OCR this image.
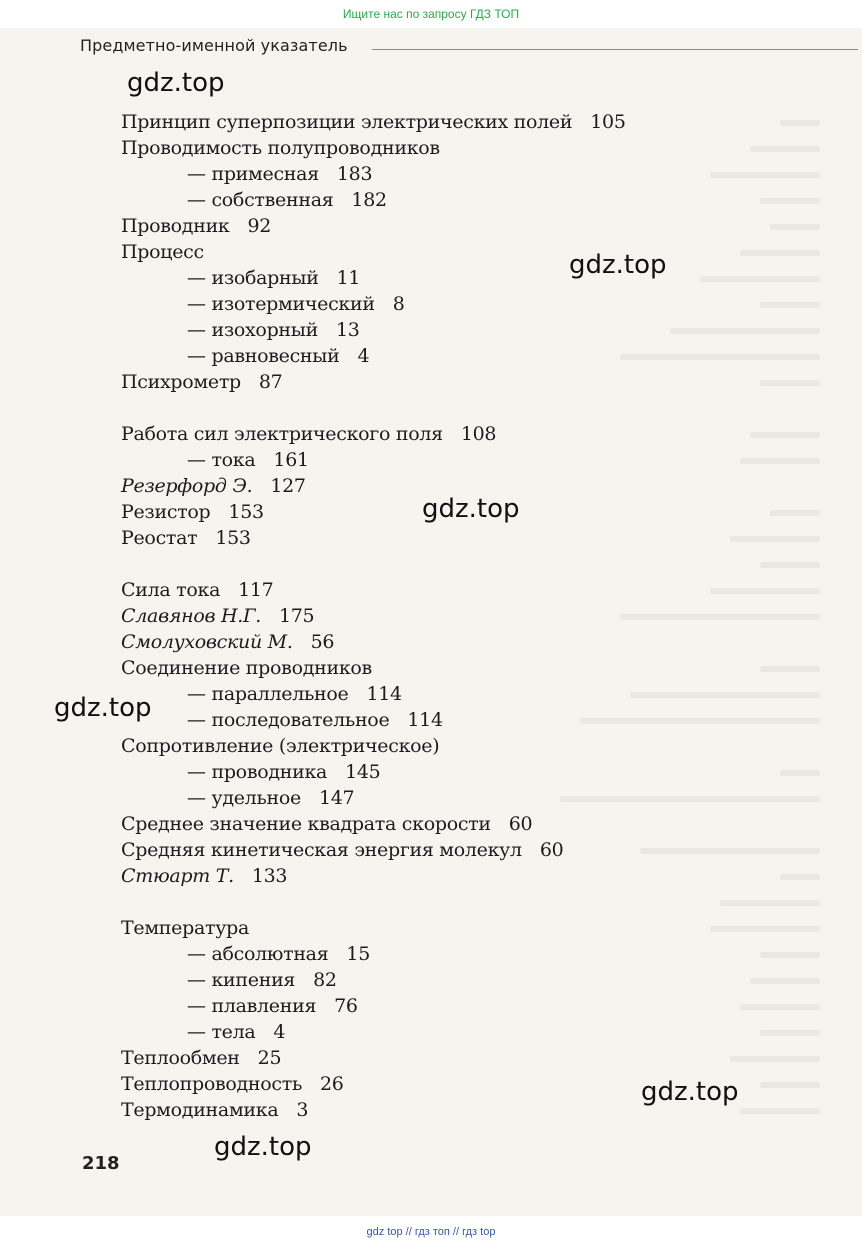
Ищите нас по запросу ГДЗ ТОП
Предметно-именной указатель
Принцип суперпозиции электрических полей 105
Проводимость полупроводников
— примесная 183
— собственная 182
Проводник 92
Процесс
— изобарный 11
— изотермический 8
— изохорный 13
— равновесный 4
Психрометр 87
Работа сил электрического поля 108
— тока 161
Резерфорд Э. 127
Резистор 153
Реостат 153
Сила тока 117
Славянов Н.Г. 175
Смолуховский М. 56
Соединение проводников
— параллельное 114
— последовательное 114
Сопротивление (электрическое)
— проводника 145
— удельное 147
Среднее значение квадрата скорости 60
Средняя кинетическая энергия молекул 60
Стюарт Т. 133
Температура
— абсолютная 15
— кипения 82
— плавления 76
— тела 4
Теплообмен 25
Теплопроводность 26
Термодинамика 3
218
gdz.top
gdz.top
gdz.top
gdz.top
gdz.top
gdz.top
gdz top // гдз топ // гдз top
